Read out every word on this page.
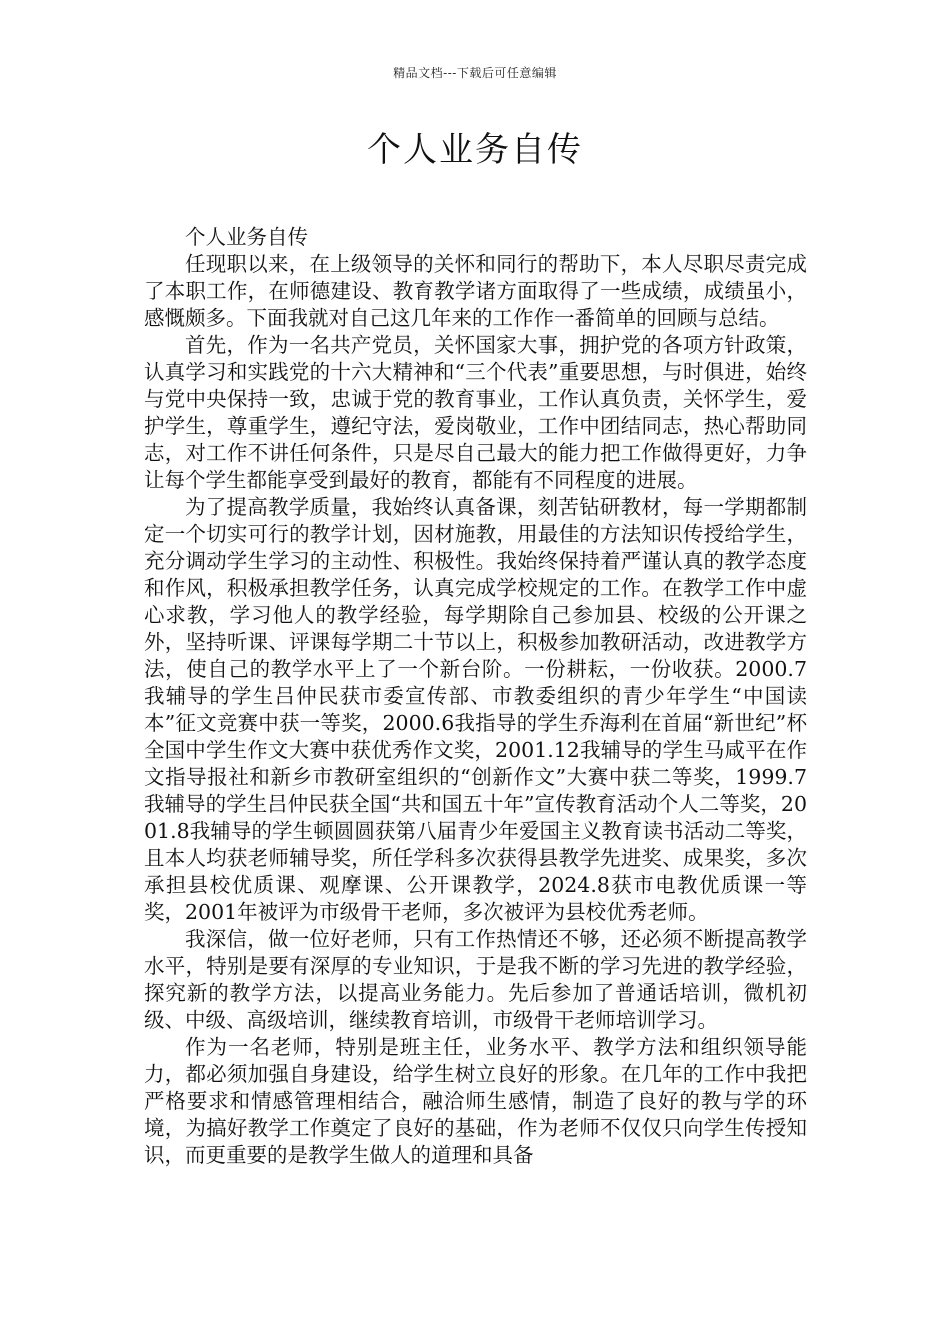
精品文档---下载后可任意编辑
个人业务自传

个人业务自传

任现职以来，在上级领导的关怀和同行的帮助下，本人尽职尽责完成了本职工作，在师德建设、教育教学诸方面取得了一些成绩，成绩虽小，感慨颇多。下面我就对自己这几年来的工作作一番简单的回顾与总结。

首先，作为一名共产党员，关怀国家大事，拥护党的各项方针政策，认真学习和实践党的十六大精神和“三个代表”重要思想，与时俱进，始终与党中央保持一致，忠诚于党的教育事业，工作认真负责，关怀学生，爱护学生，尊重学生，遵纪守法，爱岗敬业，工作中团结同志，热心帮助同志，对工作不讲任何条件，只是尽自己最大的能力把工作做得更好，力争让每个学生都能享受到最好的教育，都能有不同程度的进展。

为了提高教学质量，我始终认真备课，刻苦钻研教材，每一学期都制定一个切实可行的教学计划，因材施教，用最佳的方法知识传授给学生，充分调动学生学习的主动性、积极性。我始终保持着严谨认真的教学态度和作风，积极承担教学任务，认真完成学校规定的工作。在教学工作中虚心求教，学习他人的教学经验，每学期除自己参加县、校级的公开课之外，坚持听课、评课每学期二十节以上，积极参加教研活动，改进教学方法，使自己的教学水平上了一个新台阶。一份耕耘，一份收获。2000.7我辅导的学生吕仲民获市委宣传部、市教委组织的青少年学生“中国读本”征文竞赛中获一等奖，2000.6我指导的学生乔海利在首届“新世纪”杯全国中学生作文大赛中获优秀作文奖，2001.12我辅导的学生马咸平在作文指导报社和新乡市教研室组织的“创新作文”大赛中获二等奖，1999.7我辅导的学生吕仲民获全国“共和国五十年”宣传教育活动个人二等奖，2001.8我辅导的学生顿圆圆获第八届青少年爱国主义教育读书活动二等奖，且本人均获老师辅导奖，所任学科多次获得县教学先进奖、成果奖，多次承担县校优质课、观摩课、公开课教学，2024.8获市电教优质课一等奖，2001年被评为市级骨干老师，多次被评为县校优秀老师。

我深信，做一位好老师，只有工作热情还不够，还必须不断提高教学水平，特别是要有深厚的专业知识，于是我不断的学习先进的教学经验，探究新的教学方法，以提高业务能力。先后参加了普通话培训，微机初级、中级、高级培训，继续教育培训，市级骨干老师培训学习。

作为一名老师，特别是班主任，业务水平、教学方法和组织领导能力，都必须加强自身建设，给学生树立良好的形象。在几年的工作中我把严格要求和情感管理相结合，融洽师生感情，制造了良好的教与学的环境，为搞好教学工作奠定了良好的基础，作为老师不仅仅只向学生传授知识，而更重要的是教学生做人的道理和具备
